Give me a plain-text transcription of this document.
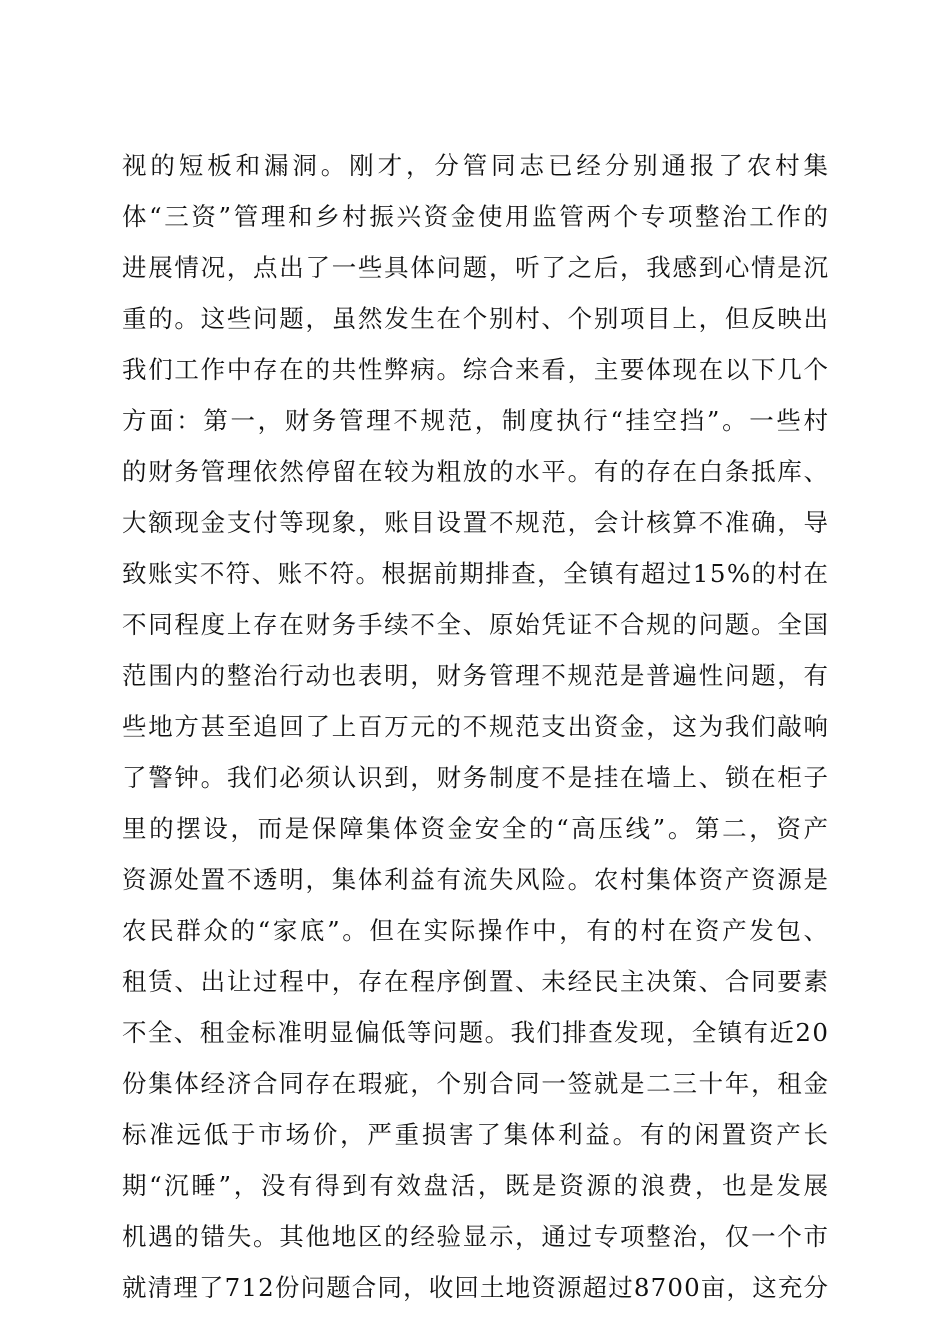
视的短板和漏洞。刚才，分管同志已经分别通报了农村集
体“三资”管理和乡村振兴资金使用监管两个专项整治工作的
进展情况，点出了一些具体问题，听了之后，我感到心情是沉
重的。这些问题，虽然发生在个别村、个别项目上，但反映出
我们工作中存在的共性弊病。综合来看，主要体现在以下几个
方面：第一，财务管理不规范，制度执行“挂空挡”。一些村
的财务管理依然停留在较为粗放的水平。有的存在白条抵库、
大额现金支付等现象，账目设置不规范，会计核算不准确，导
致账实不符、账不符。根据前期排查，全镇有超过15%的村在
不同程度上存在财务手续不全、原始凭证不合规的问题。全国
范围内的整治行动也表明，财务管理不规范是普遍性问题，有
些地方甚至追回了上百万元的不规范支出资金，这为我们敲响
了警钟。我们必须认识到，财务制度不是挂在墙上、锁在柜子
里的摆设，而是保障集体资金安全的“高压线”。第二，资产
资源处置不透明，集体利益有流失风险。农村集体资产资源是
农民群众的“家底”。但在实际操作中，有的村在资产发包、
租赁、出让过程中，存在程序倒置、未经民主决策、合同要素
不全、租金标准明显偏低等问题。我们排查发现，全镇有近20
份集体经济合同存在瑕疵，个别合同一签就是二三十年，租金
标准远低于市场价，严重损害了集体利益。有的闲置资产长
期“沉睡”，没有得到有效盘活，既是资源的浪费，也是发展
机遇的错失。其他地区的经验显示，通过专项整治，仅一个市
就清理了712份问题合同，收回土地资源超过8700亩，这充分
